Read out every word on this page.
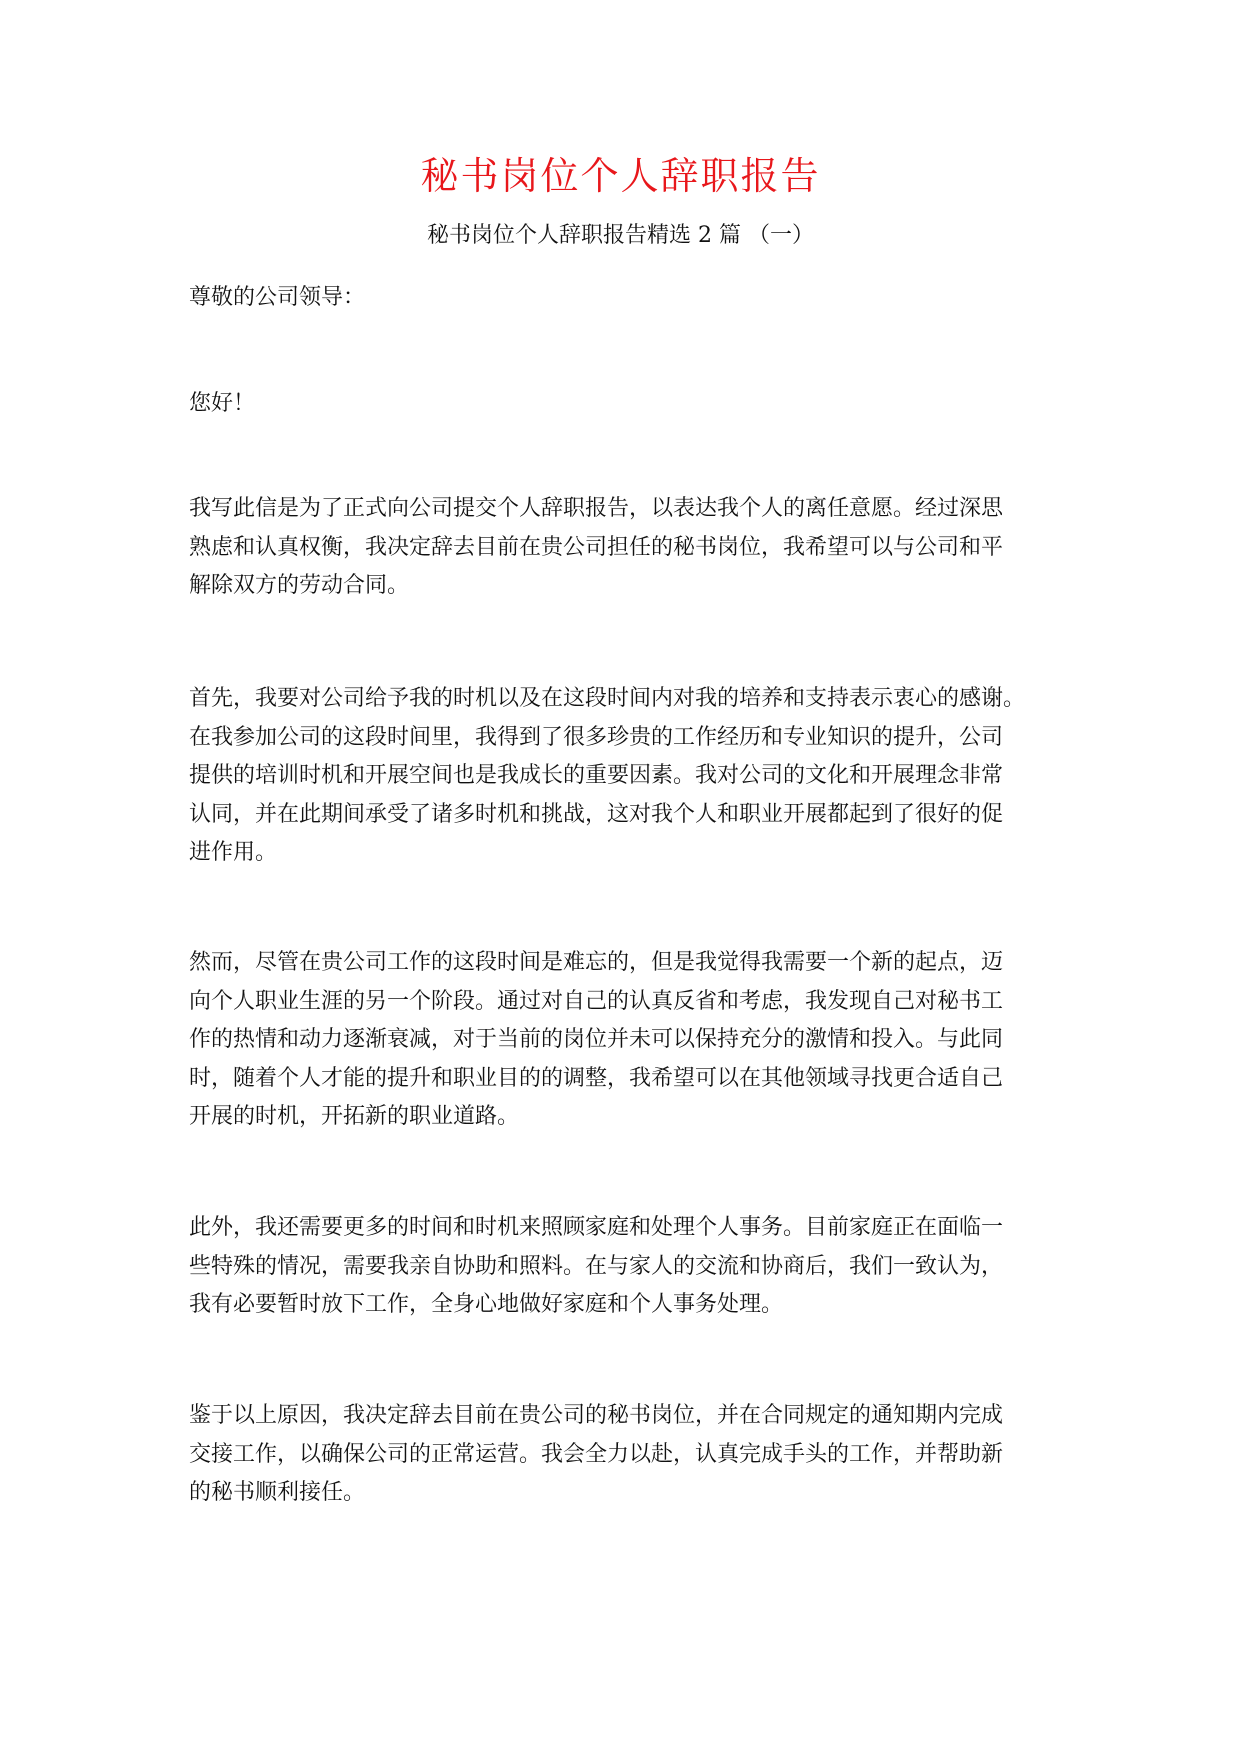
秘书岗位个人辞职报告

秘书岗位个人辞职报告精选 2 篇 （一）

尊敬的公司领导：

您好！

我写此信是为了正式向公司提交个人辞职报告，以表达我个人的离任意愿。经过深思
熟虑和认真权衡，我决定辞去目前在贵公司担任的秘书岗位，我希望可以与公司和平
解除双方的劳动合同。
首先，我要对公司给予我的时机以及在这段时间内对我的培养和支持表示衷心的感谢。
在我参加公司的这段时间里，我得到了很多珍贵的工作经历和专业知识的提升，公司
提供的培训时机和开展空间也是我成长的重要因素。我对公司的文化和开展理念非常
认同，并在此期间承受了诸多时机和挑战，这对我个人和职业开展都起到了很好的促
进作用。
然而，尽管在贵公司工作的这段时间是难忘的，但是我觉得我需要一个新的起点，迈
向个人职业生涯的另一个阶段。通过对自己的认真反省和考虑，我发现自己对秘书工
作的热情和动力逐渐衰减，对于当前的岗位并未可以保持充分的激情和投入。与此同
时，随着个人才能的提升和职业目的的调整，我希望可以在其他领域寻找更合适自己
开展的时机，开拓新的职业道路。
此外，我还需要更多的时间和时机来照顾家庭和处理个人事务。目前家庭正在面临一
些特殊的情况，需要我亲自协助和照料。在与家人的交流和协商后，我们一致认为，
我有必要暂时放下工作，全身心地做好家庭和个人事务处理。
鉴于以上原因，我决定辞去目前在贵公司的秘书岗位，并在合同规定的通知期内完成
交接工作，以确保公司的正常运营。我会全力以赴，认真完成手头的工作，并帮助新
的秘书顺利接任。
